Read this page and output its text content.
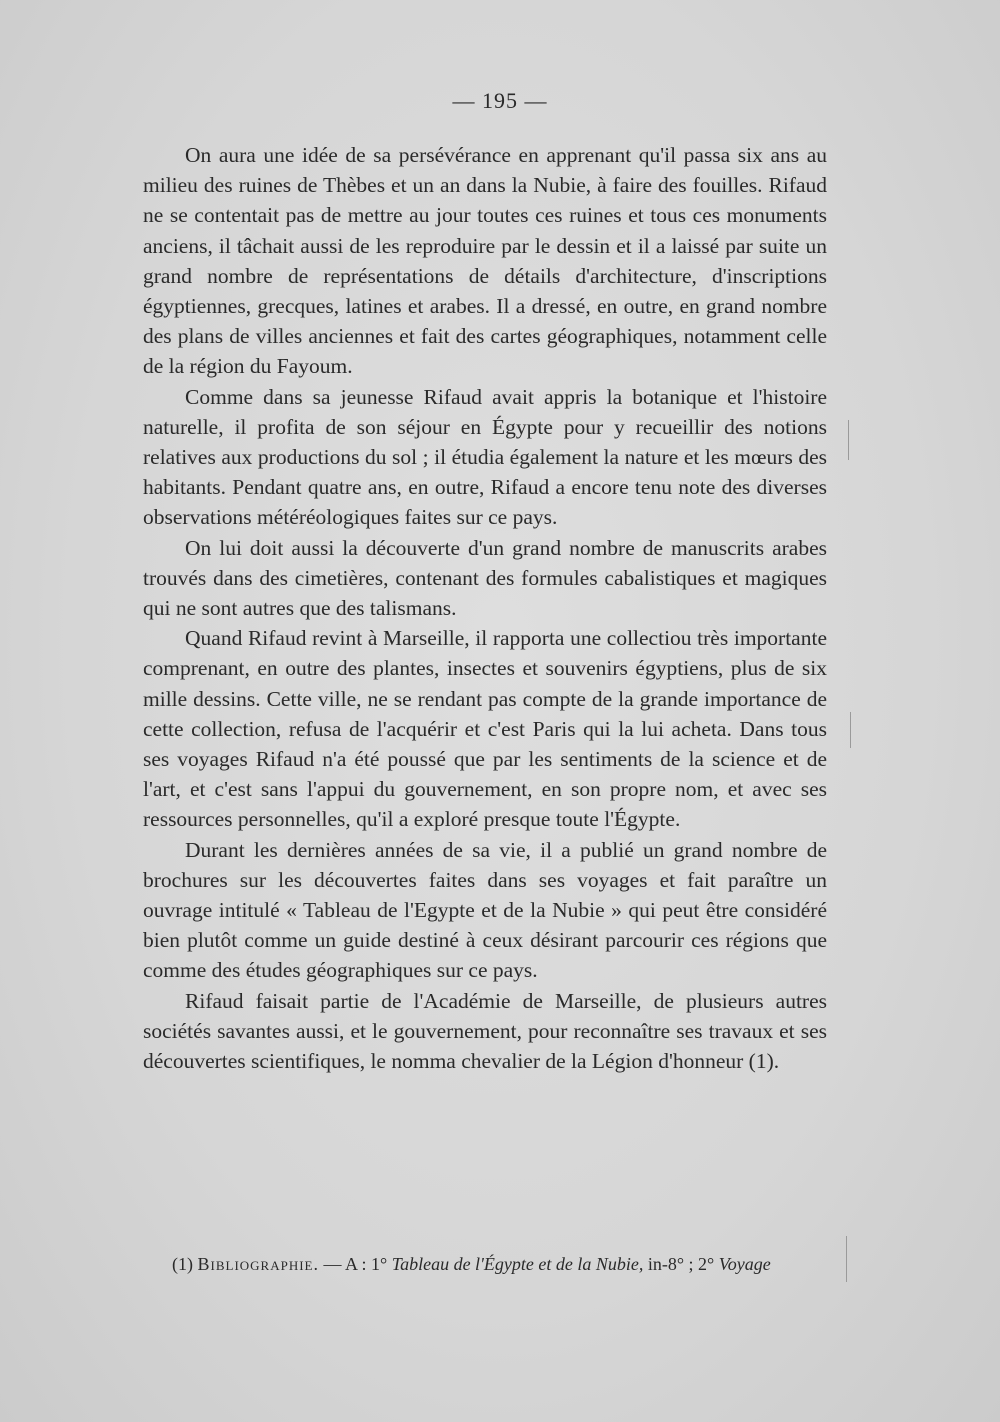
— 195 —

On aura une idée de sa persévérance en apprenant qu'il passa six ans au milieu des ruines de Thèbes et un an dans la Nubie, à faire des fouilles. Rifaud ne se contentait pas de mettre au jour toutes ces ruines et tous ces monuments anciens, il tâchait aussi de les reproduire par le dessin et il a laissé par suite un grand nombre de représentations de détails d'architecture, d'inscriptions égyptiennes, grecques, latines et arabes. Il a dressé, en outre, en grand nombre des plans de villes anciennes et fait des cartes géographiques, notamment celle de la région du Fayoum.

Comme dans sa jeunesse Rifaud avait appris la botanique et l'histoire naturelle, il profita de son séjour en Égypte pour y recueillir des notions relatives aux productions du sol ; il étudia également la nature et les mœurs des habitants. Pendant quatre ans, en outre, Rifaud a encore tenu note des diverses observations météréologiques faites sur ce pays.

On lui doit aussi la découverte d'un grand nombre de manuscrits arabes trouvés dans des cimetières, contenant des formules cabalistiques et magiques qui ne sont autres que des talismans.

Quand Rifaud revint à Marseille, il rapporta une collectiou très importante comprenant, en outre des plantes, insectes et souvenirs égyptiens, plus de six mille dessins. Cette ville, ne se rendant pas compte de la grande importance de cette collection, refusa de l'acquérir et c'est Paris qui la lui acheta. Dans tous ses voyages Rifaud n'a été poussé que par les sentiments de la science et de l'art, et c'est sans l'appui du gouvernement, en son propre nom, et avec ses ressources personnelles, qu'il a exploré presque toute l'Égypte.

Durant les dernières années de sa vie, il a publié un grand nombre de brochures sur les découvertes faites dans ses voyages et fait paraître un ouvrage intitulé « Tableau de l'Egypte et de la Nubie » qui peut être considéré bien plutôt comme un guide destiné à ceux désirant parcourir ces régions que comme des études géographiques sur ce pays.

Rifaud faisait partie de l'Académie de Marseille, de plusieurs autres sociétés savantes aussi, et le gouvernement, pour reconnaître ses travaux et ses découvertes scientifiques, le nomma chevalier de la Légion d'honneur (1).

(1) Bibliographie. — A : 1° Tableau de l'Égypte et de la Nubie, in-8° ; 2° Voyage
